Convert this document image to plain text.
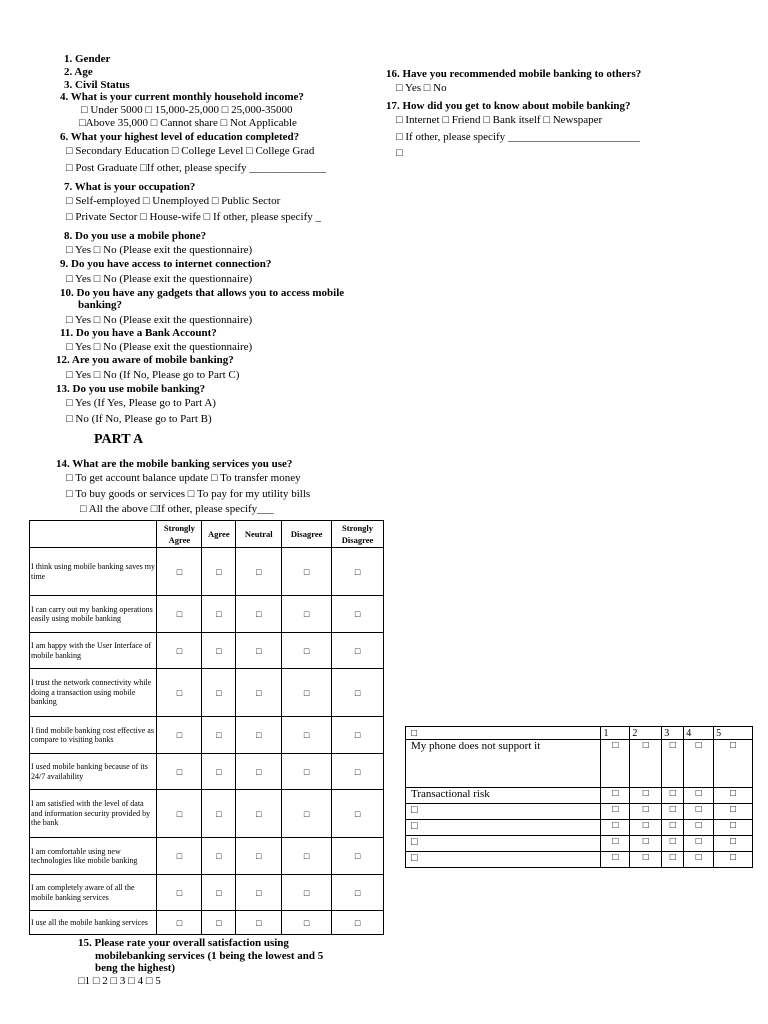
1. Gender
2. Age
3. Civil Status
4. What is your current monthly household income?
□ Under 5000 □ 15,000-25,000 □ 25,000-35000
□Above 35,000 □ Cannot share □ Not Applicable
6. What your highest level of education completed?
□ Secondary Education □ College Level □ College Grad
□ Post Graduate □If other, please specify ______________
7. What is your occupation?
□ Self-employed □ Unemployed □ Public Sector
□ Private Sector □ House-wife □ If other, please specify _
8. Do you use a mobile phone?
□ Yes □ No (Please exit the questionnaire)
9. Do you have access to internet connection?
□ Yes □ No (Please exit the questionnaire)
10. Do you have any gadgets that allows you to access mobile
banking?
□ Yes □ No (Please exit the questionnaire)
11. Do you have a Bank Account?
□ Yes □ No (Please exit the questionnaire)
12. Are you aware of mobile banking?
□ Yes □ No (If No, Please go to Part C)
13. Do you use mobile banking?
□ Yes (If Yes, Please go to Part A)
□ No (If No, Please go to Part B)
PART A
14. What are the mobile banking services you use?
□ To get account balance update □ To transfer money
□ To buy goods or services □ To pay for my utility bills
□ All the above □If other, please specify___
16. Have you recommended mobile banking to others?
□ Yes □ No
17. How did you get to know about mobile banking?
□ Internet □ Friend □ Bank itself □ Newspaper
□ If other, please specify ________________________
□
15. Please rate your overall satisfaction using
mobilebanking services (1 being the lowest and 5
beng the highest)
□1 □ 2 □ 3 □ 4 □ 5
	Strongly Agree	Agree	Neutral	Disagree	Strongly Disagree
I think using mobile banking saves my time	□	□	□	□	□
I can carry out my banking operations easily using mobile banking	□	□	□	□	□
I am happy with the User Interface of mobile banking	□	□	□	□	□
I trust the network connectivity while doing a transaction using mobile banking	□	□	□	□	□
I find mobile banking cost effective as compare to visiting banks	□	□	□	□	□
I used mobile banking because of its 24/7 availability	□	□	□	□	□
I am satisfied with the level of data and information security provided by the bank	□	□	□	□	□
I am comfortable using new technologies like mobile banking	□	□	□	□	□
I am completely aware of all the mobile banking services	□	□	□	□	□
I use all the mobile banking services	□	□	□	□	□
□	1	2	3	4	5
My phone does not support it	□	□	□	□	□
Transactional risk	□	□	□	□	□
□	□	□	□	□	□
□	□	□	□	□	□
□	□	□	□	□	□
□	□	□	□	□	□
